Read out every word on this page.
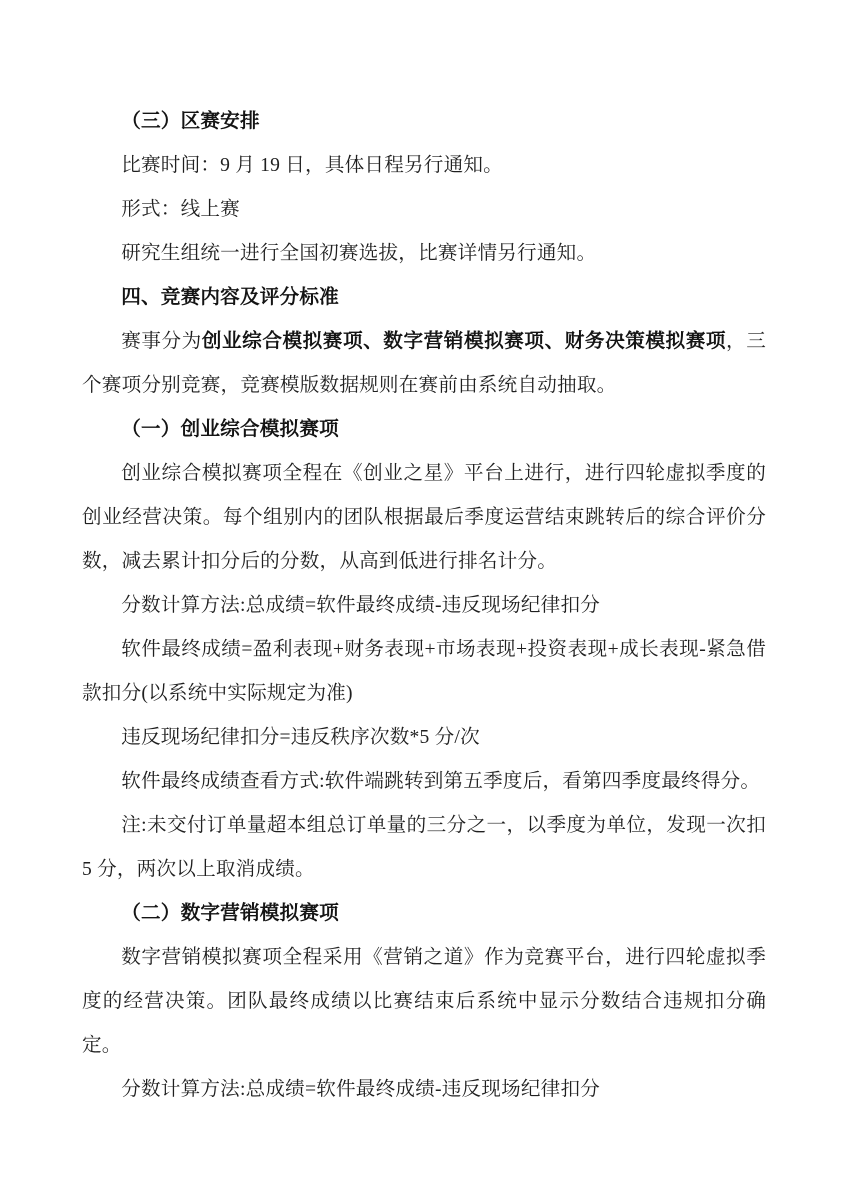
（三）区赛安排

比赛时间：9 月 19 日，具体日程另行通知。

形式：线上赛

研究生组统一进行全国初赛选拔，比赛详情另行通知。

四、竞赛内容及评分标准

赛事分为创业综合模拟赛项、数字营销模拟赛项、财务决策模拟赛项，三个赛项分别竞赛，竞赛模版数据规则在赛前由系统自动抽取。

（一）创业综合模拟赛项

创业综合模拟赛项全程在《创业之星》平台上进行，进行四轮虚拟季度的创业经营决策。每个组别内的团队根据最后季度运营结束跳转后的综合评价分数，减去累计扣分后的分数，从高到低进行排名计分。

分数计算方法:总成绩=软件最终成绩-违反现场纪律扣分

软件最终成绩=盈利表现+财务表现+市场表现+投资表现+成长表现-紧急借款扣分(以系统中实际规定为准)

违反现场纪律扣分=违反秩序次数*5 分/次

软件最终成绩查看方式:软件端跳转到第五季度后，看第四季度最终得分。

注:未交付订单量超本组总订单量的三分之一，以季度为单位，发现一次扣 5 分，两次以上取消成绩。

（二）数字营销模拟赛项

数字营销模拟赛项全程采用《营销之道》作为竞赛平台，进行四轮虚拟季度的经营决策。团队最终成绩以比赛结束后系统中显示分数结合违规扣分确定。

分数计算方法:总成绩=软件最终成绩-违反现场纪律扣分
